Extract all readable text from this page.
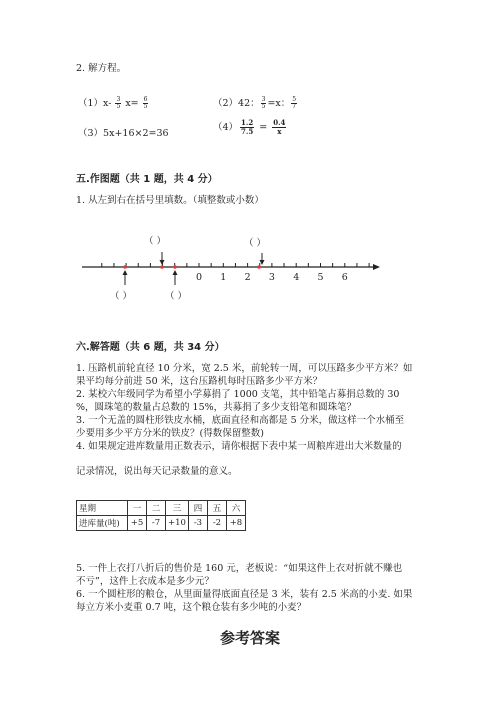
2. 解方程。
$(1)x- \frac{3}{5} x= \frac{6}{5}$	（2）42： $\frac{3}{5} =x$： $\frac{5}{7}$
（3）5x+16×2=36
$(4) \frac{1.2}{7.5} = \frac{0.4}{x}$
五.作图题（共 1 题，共 4 分）
1. 从左到右在括号里填数。（填整数或小数）
（ ）	（ ）
（ ）	（ ）
0 1 2 3 4 5 6
六.解答题（共 6 题，共 34 分）
1. 压路机前轮直径 10 分米，宽 2.5 米，前轮转一周，可以压路多少平方米？如
果平均每分前进 50 米，这台压路机每时压路多少平方米？
2. 某校六年级同学为希望小学募捐了 1000 支笔，其中铅笔占募捐总数的 30
%，圆珠笔的数量占总数的 15%，共募捐了多少支铅笔和圆珠笔？
3. 一个无盖的圆柱形铁皮水桶，底面直径和高都是 5 分米，做这样一个水桶至
少要用多少平方分米的铁皮？(得数保留整数)
4. 如果规定进库数量用正数表示，请你根据下表中某一周粮库进出大米数量的
记录情况，说出每天记录数量的意义。
星期	一	二	三	四	五	六
进库量(吨)	+5	-7	+10	-3	-2	+8
5. 一件上衣打八折后的售价是 160 元，老板说：“如果这件上衣对折就不赚也
不亏”，这件上衣成本是多少元？
6. 一个圆柱形的粮仓，从里面量得底面直径是 3 米，装有 2.5 米高的小麦. 如果
每立方米小麦重 0.7 吨，这个粮仓装有多少吨的小麦？
参考答案
